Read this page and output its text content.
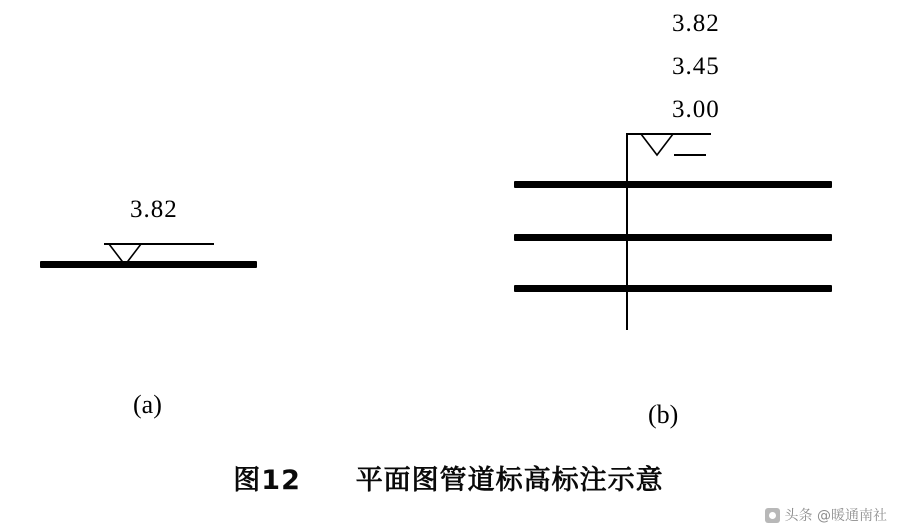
3.82
(a)
3.82
3.45
3.00
(b)
图12 平面图管道标高标注示意
头条 @暖通南社
